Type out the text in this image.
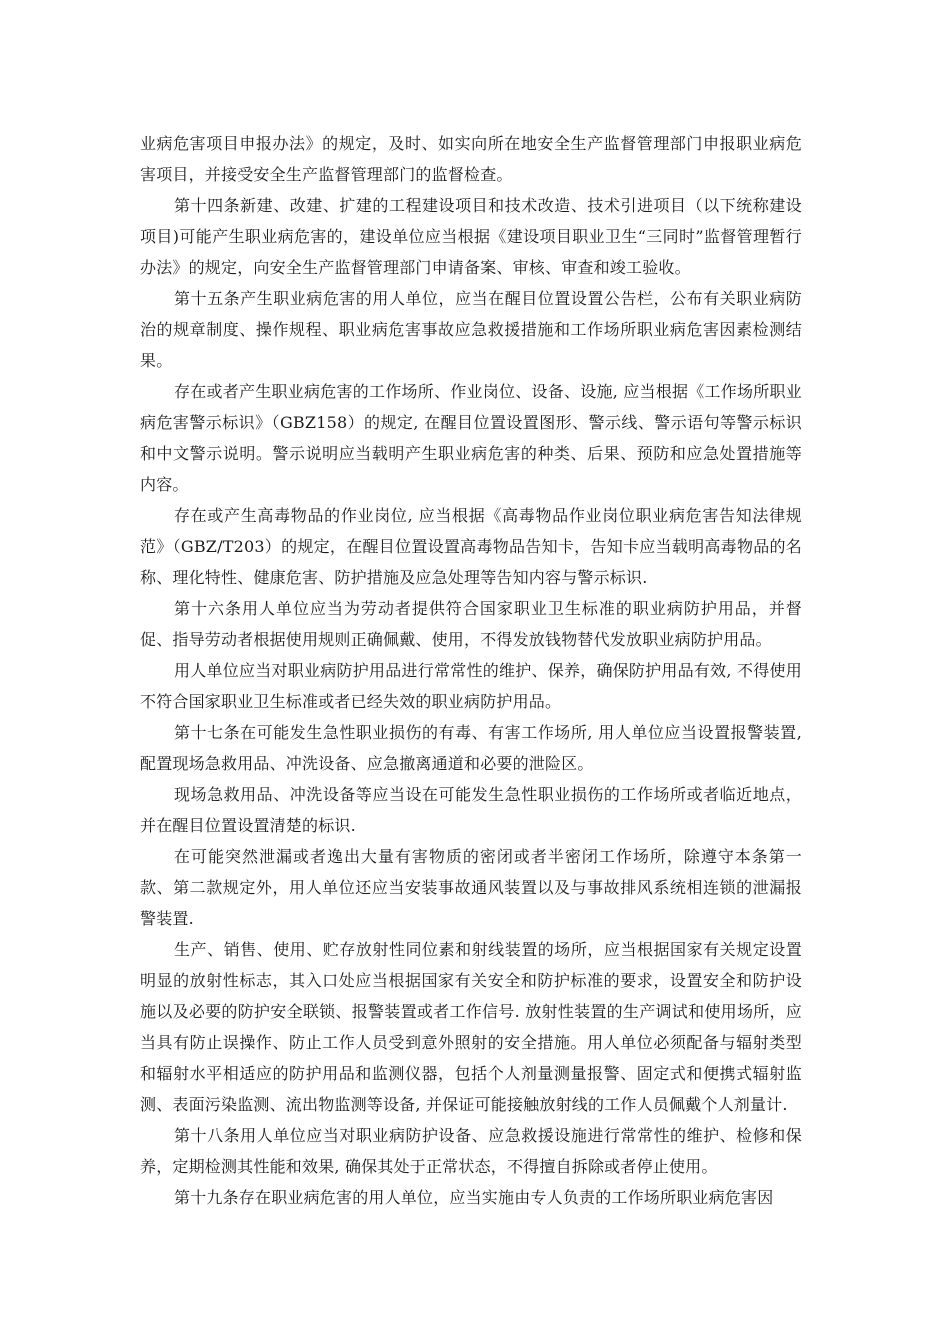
业病危害项目申报办法》的规定，及时、如实向所在地安全生产监督管理部门申报职业病危害项目，并接受安全生产监督管理部门的监督检查。

第十四条新建、改建、扩建的工程建设项目和技术改造、技术引进项目（以下统称建设项目)可能产生职业病危害的，建设单位应当根据《建设项目职业卫生“三同时”监督管理暂行办法》的规定，向安全生产监督管理部门申请备案、审核、审查和竣工验收。

第十五条产生职业病危害的用人单位，应当在醒目位置设置公告栏，公布有关职业病防治的规章制度、操作规程、职业病危害事故应急救援措施和工作场所职业病危害因素检测结果。

存在或者产生职业病危害的工作场所、作业岗位、设备、设施, 应当根据《工作场所职业病危害警示标识》（GBZ158）的规定, 在醒目位置设置图形、警示线、警示语句等警示标识和中文警示说明。警示说明应当载明产生职业病危害的种类、后果、预防和应急处置措施等内容。

存在或产生高毒物品的作业岗位, 应当根据《高毒物品作业岗位职业病危害告知法律规范》（GBZ/T203）的规定，在醒目位置设置高毒物品告知卡，告知卡应当载明高毒物品的名称、理化特性、健康危害、防护措施及应急处理等告知内容与警示标识.

第十六条用人单位应当为劳动者提供符合国家职业卫生标准的职业病防护用品，并督促、指导劳动者根据使用规则正确佩戴、使用，不得发放钱物替代发放职业病防护用品。

用人单位应当对职业病防护用品进行常常性的维护、保养，确保防护用品有效, 不得使用不符合国家职业卫生标准或者已经失效的职业病防护用品。

第十七条在可能发生急性职业损伤的有毒、有害工作场所, 用人单位应当设置报警装置, 配置现场急救用品、冲洗设备、应急撤离通道和必要的泄险区。

现场急救用品、冲洗设备等应当设在可能发生急性职业损伤的工作场所或者临近地点，并在醒目位置设置清楚的标识.

在可能突然泄漏或者逸出大量有害物质的密闭或者半密闭工作场所，除遵守本条第一款、第二款规定外，用人单位还应当安装事故通风装置以及与事故排风系统相连锁的泄漏报警装置.

生产、销售、使用、贮存放射性同位素和射线装置的场所，应当根据国家有关规定设置明显的放射性标志，其入口处应当根据国家有关安全和防护标准的要求，设置安全和防护设施以及必要的防护安全联锁、报警装置或者工作信号. 放射性装置的生产调试和使用场所，应当具有防止误操作、防止工作人员受到意外照射的安全措施。用人单位必须配备与辐射类型和辐射水平相适应的防护用品和监测仪器，包括个人剂量测量报警、固定式和便携式辐射监测、表面污染监测、流出物监测等设备, 并保证可能接触放射线的工作人员佩戴个人剂量计.

第十八条用人单位应当对职业病防护设备、应急救援设施进行常常性的维护、检修和保养，定期检测其性能和效果, 确保其处于正常状态，不得擅自拆除或者停止使用。

第十九条存在职业病危害的用人单位，应当实施由专人负责的工作场所职业病危害因
